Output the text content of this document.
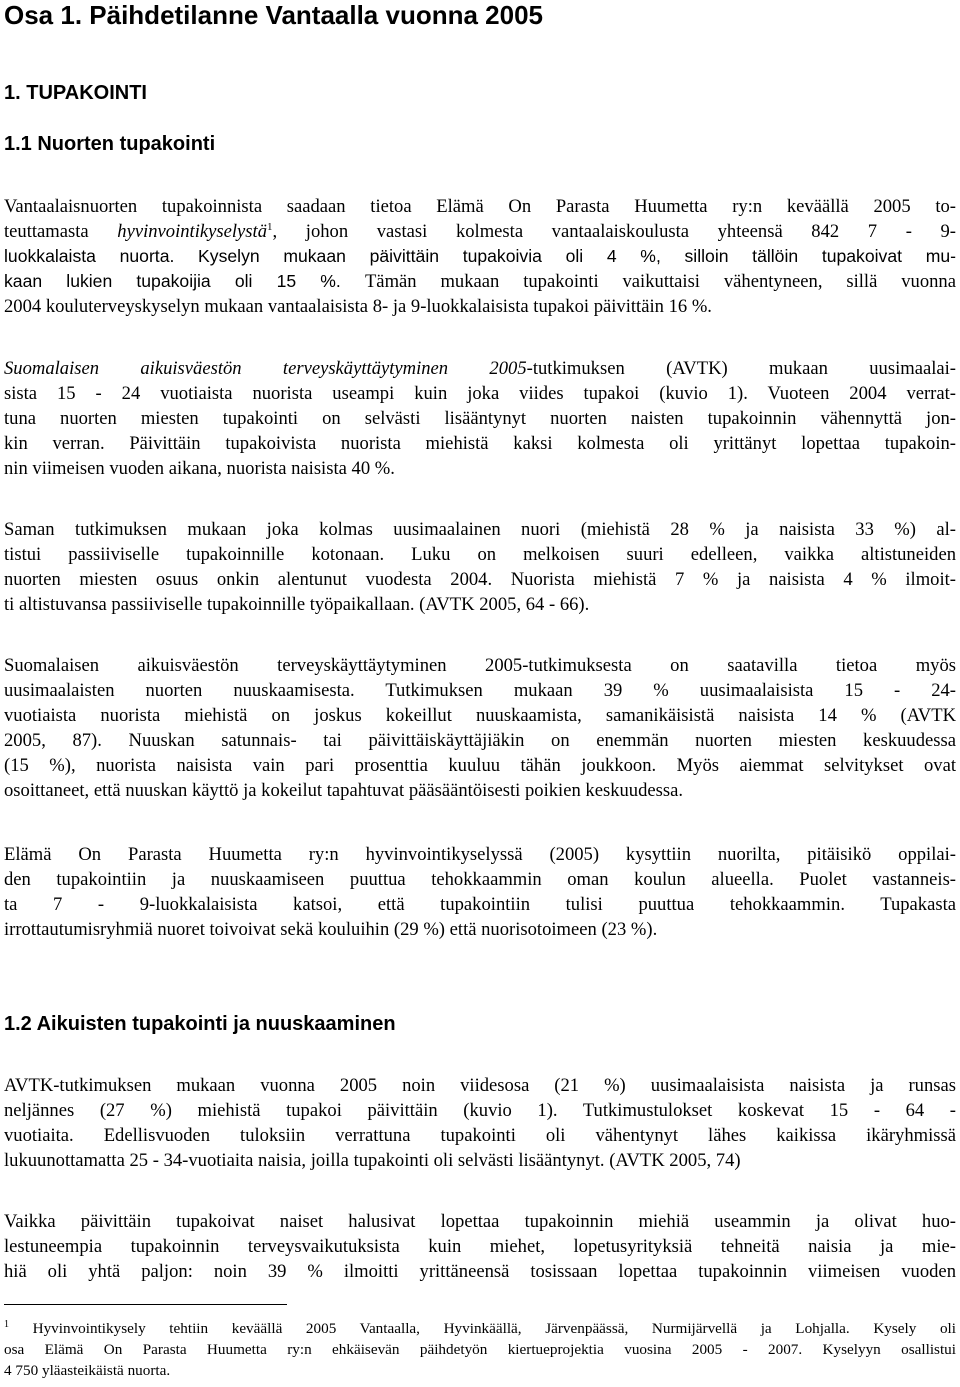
Osa 1. Päihdetilanne Vantaalla vuonna 2005
1. TUPAKOINTI
1.1 Nuorten tupakointi
Vantaalaisnuorten tupakoinnista saadaan tietoa Elämä On Parasta Huumetta ry:n keväällä 2005 to-
teuttamasta hyvinvointikyselystä$^1$, johon vastasi kolmesta vantaalaiskoulusta yhteensä 842 7 - 9-
luokkalaista nuorta. Kyselyn mukaan päivittäin tupakoivia oli 4 %, silloin tällöin tupakoivat mu-
kaan lukien tupakoijia oli 15 %. Tämän mukaan tupakointi vaikuttaisi vähentyneen, sillä vuonna
2004 kouluterveyskyselyn mukaan vantaalaisista 8- ja 9-luokkalaisista tupakoi päivittäin 16 %.
Suomalaisen aikuisväestön terveyskäyttäytyminen 2005-tutkimuksen (AVTK) mukaan uusimaalai-
sista 15 - 24 vuotiaista nuorista useampi kuin joka viides tupakoi (kuvio 1). Vuoteen 2004 verrat-
tuna nuorten miesten tupakointi on selvästi lisääntynyt nuorten naisten tupakoinnin vähennyttä jon-
kin verran. Päivittäin tupakoivista nuorista miehistä kaksi kolmesta oli yrittänyt lopettaa tupakoin-
nin viimeisen vuoden aikana, nuorista naisista 40 %.
Saman tutkimuksen mukaan joka kolmas uusimaalainen nuori (miehistä 28 % ja naisista 33 %) al-
tistui passiiviselle tupakoinnille kotonaan. Luku on melkoisen suuri edelleen, vaikka altistuneiden
nuorten miesten osuus onkin alentunut vuodesta 2004. Nuorista miehistä 7 % ja naisista 4 % ilmoit-
ti altistuvansa passiiviselle tupakoinnille työpaikallaan. (AVTK 2005, 64 - 66).
Suomalaisen aikuisväestön terveyskäyttäytyminen 2005-tutkimuksesta on saatavilla tietoa myös
uusimaalaisten nuorten nuuskaamisesta. Tutkimuksen mukaan 39 % uusimaalaisista 15 - 24-
vuotiaista nuorista miehistä on joskus kokeillut nuuskaamista, samanikäisistä naisista 14 % (AVTK
2005, 87). Nuuskan satunnais- tai päivittäiskäyttäjiäkin on enemmän nuorten miesten keskuudessa
(15 %), nuorista naisista vain pari prosenttia kuuluu tähän joukkoon. Myös aiemmat selvitykset ovat
osoittaneet, että nuuskan käyttö ja kokeilut tapahtuvat pääsääntöisesti poikien keskuudessa.
Elämä On Parasta Huumetta ry:n hyvinvointikyselyssä (2005) kysyttiin nuorilta, pitäisikö oppilai-
den tupakointiin ja nuuskaamiseen puuttua tehokkaammin oman koulun alueella. Puolet vastanneis-
ta 7 - 9-luokkalaisista katsoi, että tupakointiin tulisi puuttua tehokkaammin. Tupakasta
irrottautumisryhmiä nuoret toivoivat sekä kouluihin (29 %) että nuorisotoimeen (23 %).
1.2 Aikuisten tupakointi ja nuuskaaminen
AVTK-tutkimuksen mukaan vuonna 2005 noin viidesosa (21 %) uusimaalaisista naisista ja runsas
neljännes (27 %) miehistä tupakoi päivittäin (kuvio 1). Tutkimustulokset koskevat 15 - 64 -
vuotiaita. Edellisvuoden tuloksiin verrattuna tupakointi oli vähentynyt lähes kaikissa ikäryhmissä
lukuunottamatta 25 - 34-vuotiaita naisia, joilla tupakointi oli selvästi lisääntynyt. (AVTK 2005, 74)
Vaikka päivittäin tupakoivat naiset halusivat lopettaa tupakoinnin miehiä useammin ja olivat huo-
lestuneempia tupakoinnin terveysvaikutuksista kuin miehet, lopetusyrityksiä tehneitä naisia ja mie-
hiä oli yhtä paljon: noin 39 % ilmoitti yrittäneensä tosissaan lopettaa tupakoinnin viimeisen vuoden
$^1$ Hyvinvointikysely tehtiin keväällä 2005 Vantaalla, Hyvinkäällä, Järvenpäässä, Nurmijärvellä ja Lohjalla. Kysely oli
osa Elämä On Parasta Huumetta ry:n ehkäisevän päihdetyön kiertueprojektia vuosina 2005 - 2007. Kyselyyn osallistui
4 750 yläasteikäistä nuorta.
